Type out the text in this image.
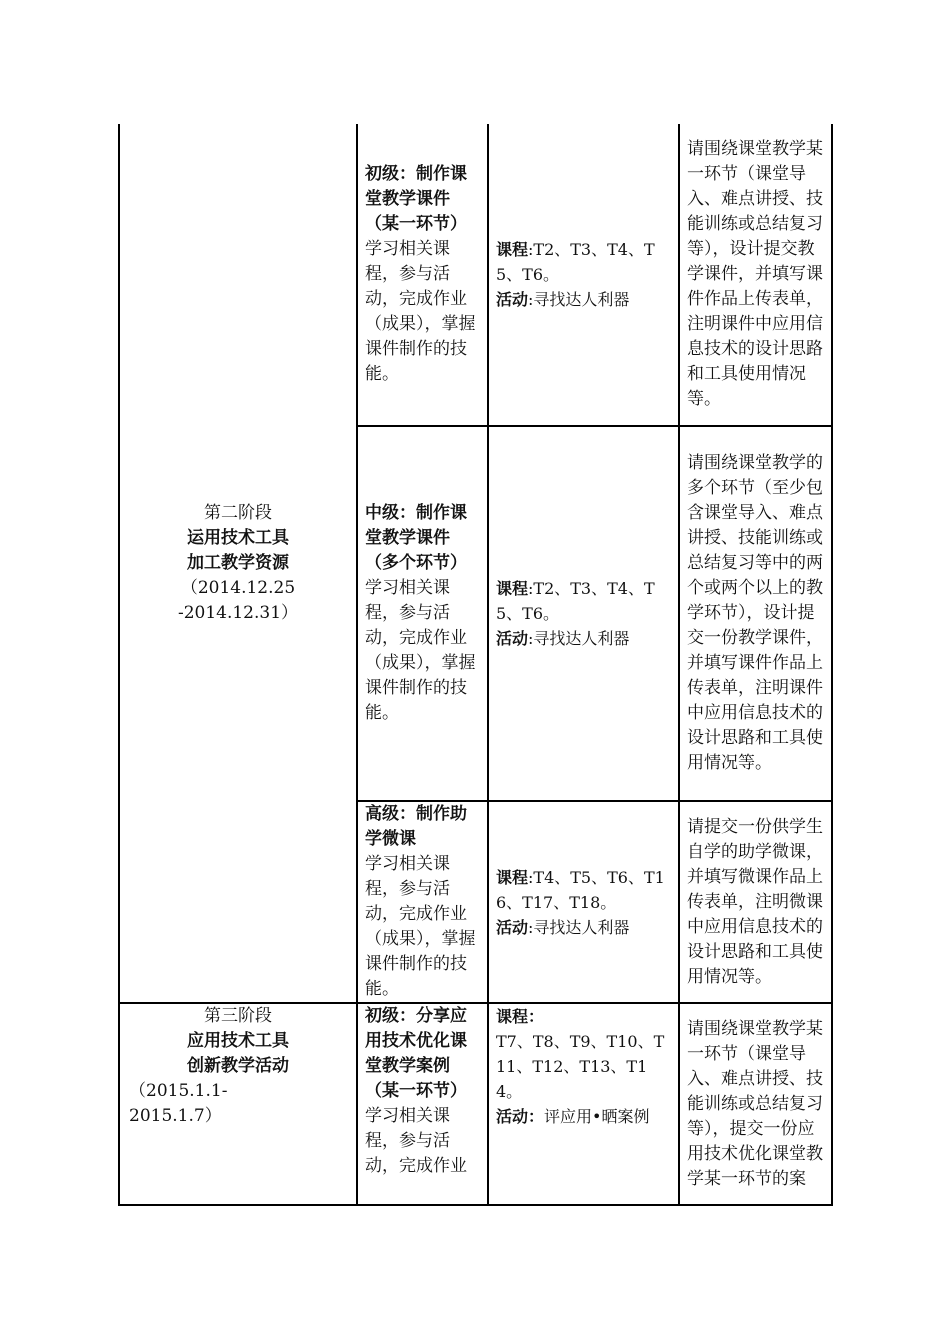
第二阶段
运用技术工具
加工教学资源
（2014.12.25
-2014.12.31）	初级：制作课堂教学课件（某一环节）
学习相关课程，参与活动，完成作业（成果），掌握课件制作的技能。	课程:T2、T3、T4、T5、T6。
活动:寻找达人利器	请围绕课堂教学某一环节（课堂导入、难点讲授、技能训练或总结复习等），设计提交教学课件，并填写课件作品上传表单，注明课件中应用信息技术的设计思路和工具使用情况等。

	中级：制作课堂教学课件（多个环节）
学习相关课程，参与活动，完成作业（成果），掌握课件制作的技能。	课程:T2、T3、T4、T5、T6。
活动:寻找达人利器	请围绕课堂教学的多个环节（至少包含课堂导入、难点讲授、技能训练或总结复习等中的两个或两个以上的教学环节），设计提交一份教学课件，并填写课件作品上传表单，注明课件中应用信息技术的设计思路和工具使用情况等。

	高级：制作助学微课
学习相关课程，参与活动，完成作业（成果），掌握课件制作的技能。	课程:T4、T5、T6、T16、T17、T18。
活动:寻找达人利器	请提交一份供学生自学的助学微课，并填写微课作品上传表单，注明微课中应用信息技术的设计思路和工具使用情况等。

第三阶段
应用技术工具
创新教学活动
（2015.1.1-
2015.1.7）	初级：分享应用技术优化课堂教学案例（某一环节）
学习相关课程，参与活动，完成作业	课程：
T7、T8、T9、T10、T11、T12、T13、T14。
活动：评应用•晒案例	请围绕课堂教学某一环节（课堂导入、难点讲授、技能训练或总结复习等），提交一份应用技术优化课堂教学某一环节的案
